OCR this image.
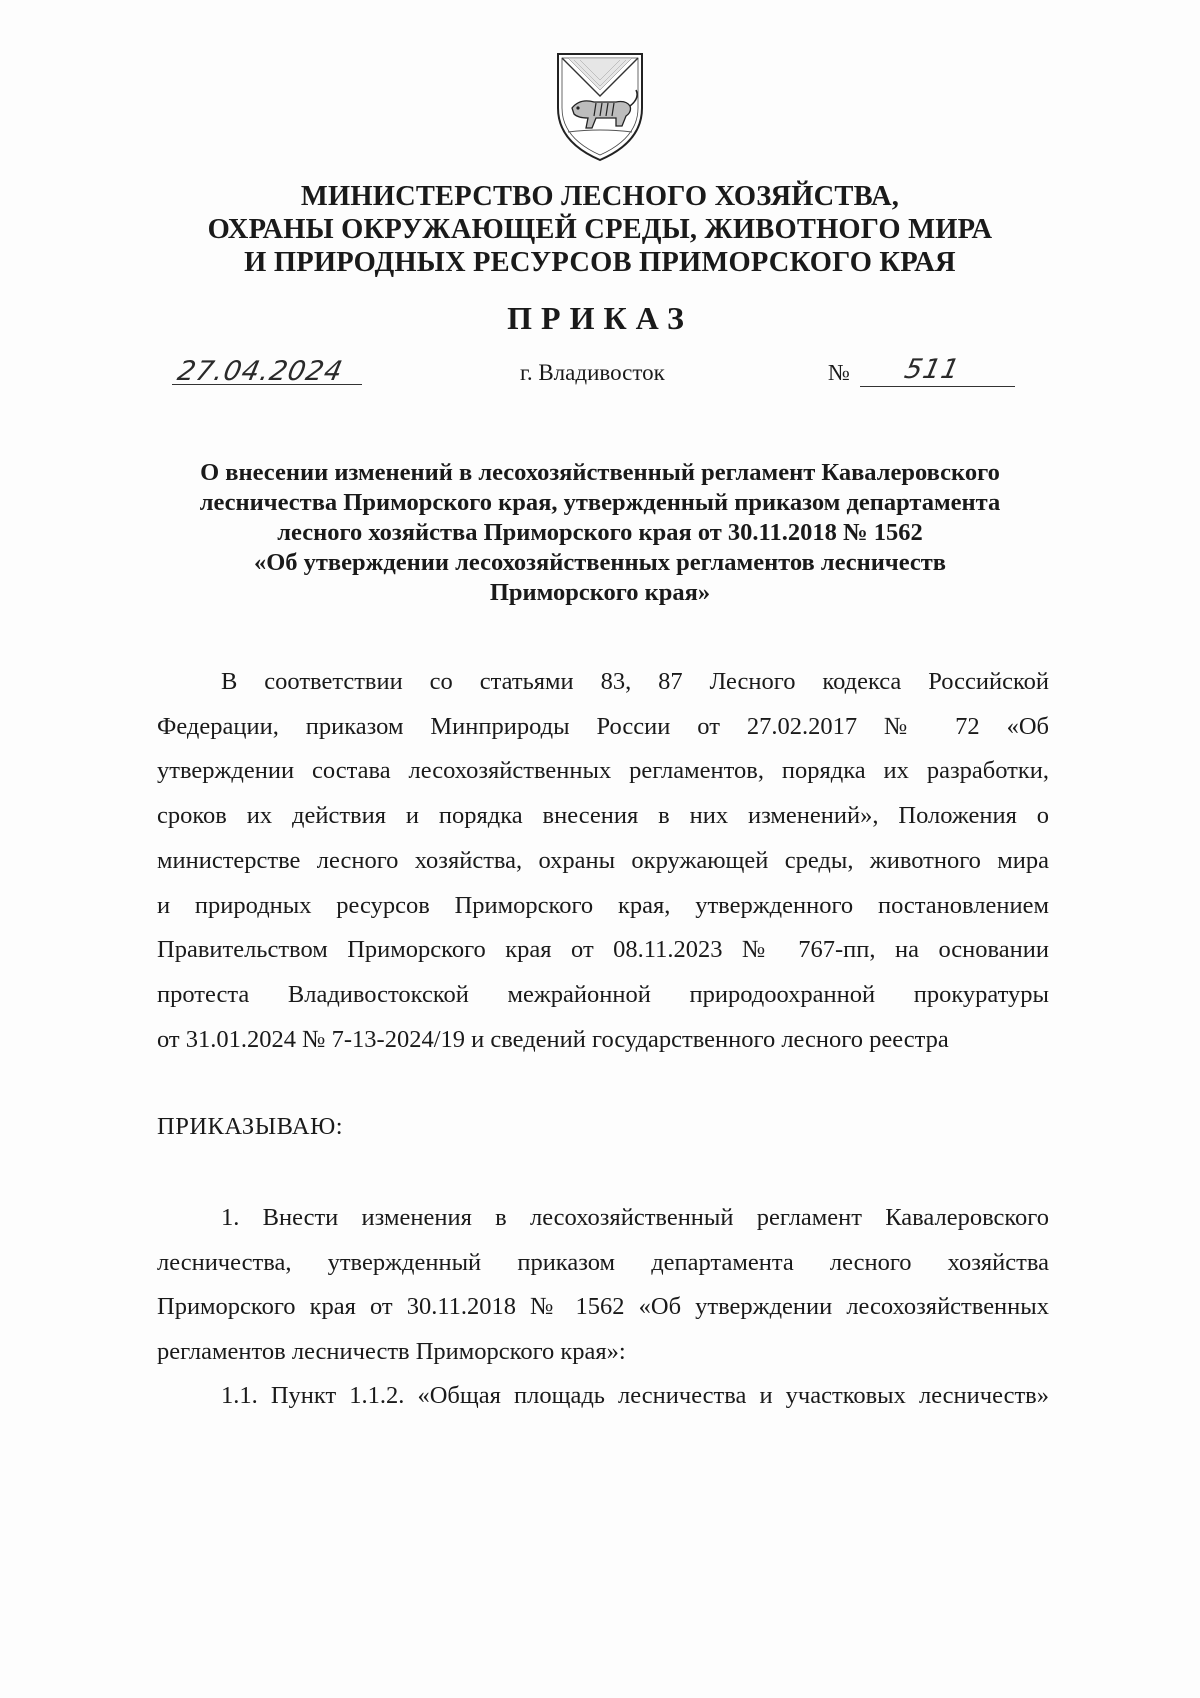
МИНИСТЕРСТВО ЛЕСНОГО ХОЗЯЙСТВА,
ОХРАНЫ ОКРУЖАЮЩЕЙ СРЕДЫ, ЖИВОТНОГО МИРА
И ПРИРОДНЫХ РЕСУРСОВ ПРИМОРСКОГО КРАЯ
ПРИКАЗ
27.04.2024	г. Владивосток	№ 511
О внесении изменений в лесохозяйственный регламент Кавалеровского
лесничества Приморского края, утвержденный приказом департамента
лесного хозяйства Приморского края от 30.11.2018 № 1562
«Об утверждении лесохозяйственных регламентов лесничеств
Приморского края»
В соответствии со статьями 83, 87 Лесного кодекса Российской
Федерации, приказом Минприроды России от 27.02.2017 № 72 «Об
утверждении состава лесохозяйственных регламентов, порядка их разработки,
сроков их действия и порядка внесения в них изменений», Положения о
министерстве лесного хозяйства, охраны окружающей среды, животного мира
и природных ресурсов Приморского края, утвержденного постановлением
Правительством Приморского края от 08.11.2023 № 767-пп, на основании
протеста Владивостокской межрайонной природоохранной прокуратуры
от 31.01.2024 № 7-13-2024/19 и сведений государственного лесного реестра
ПРИКАЗЫВАЮ:
1. Внести изменения в лесохозяйственный регламент Кавалеровского
лесничества, утвержденный приказом департамента лесного хозяйства
Приморского края от 30.11.2018 № 1562 «Об утверждении лесохозяйственных
регламентов лесничеств Приморского края»:
1.1. Пункт 1.1.2. «Общая площадь лесничества и участковых лесничеств»
